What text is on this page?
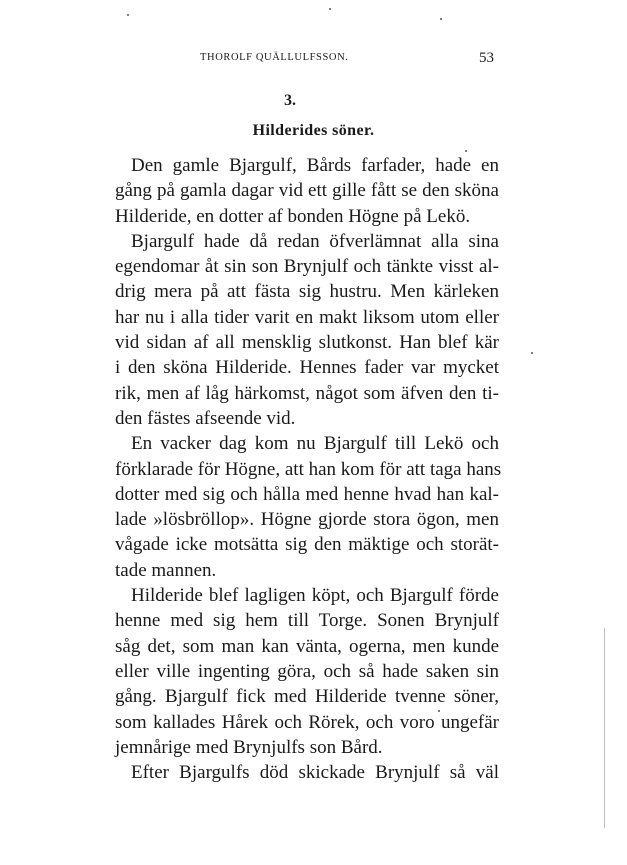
THOROLF QUÄLLULFSSON.	53
3.
Hilderides söner.
Den gamle Bjargulf, Bårds farfader, hade en
gång på gamla dagar vid ett gille fått se den sköna
Hilderide, en dotter af bonden Högne på Lekö.
Bjargulf hade då redan öfverlämnat alla sina
egendomar åt sin son Brynjulf och tänkte visst al-
drig mera på att fästa sig hustru. Men kärleken
har nu i alla tider varit en makt liksom utom eller
vid sidan af all mensklig slutkonst. Han blef kär
i den sköna Hilderide. Hennes fader var mycket
rik, men af låg härkomst, något som äfven den ti-
den fästes afseende vid.
En vacker dag kom nu Bjargulf till Lekö och
förklarade för Högne, att han kom för att taga hans
dotter med sig och hålla med henne hvad han kal-
lade »lösbröllop». Högne gjorde stora ögon, men
vågade icke motsätta sig den mäktige och storät-
tade mannen.
Hilderide blef lagligen köpt, och Bjargulf förde
henne med sig hem till Torge. Sonen Brynjulf
såg det, som man kan vänta, ogerna, men kunde
eller ville ingenting göra, och så hade saken sin
gång. Bjargulf fick med Hilderide tvenne söner,
som kallades Hårek och Rörek, och voro ungefär
jemnårige med Brynjulfs son Bård.
Efter Bjargulfs död skickade Brynjulf så väl
